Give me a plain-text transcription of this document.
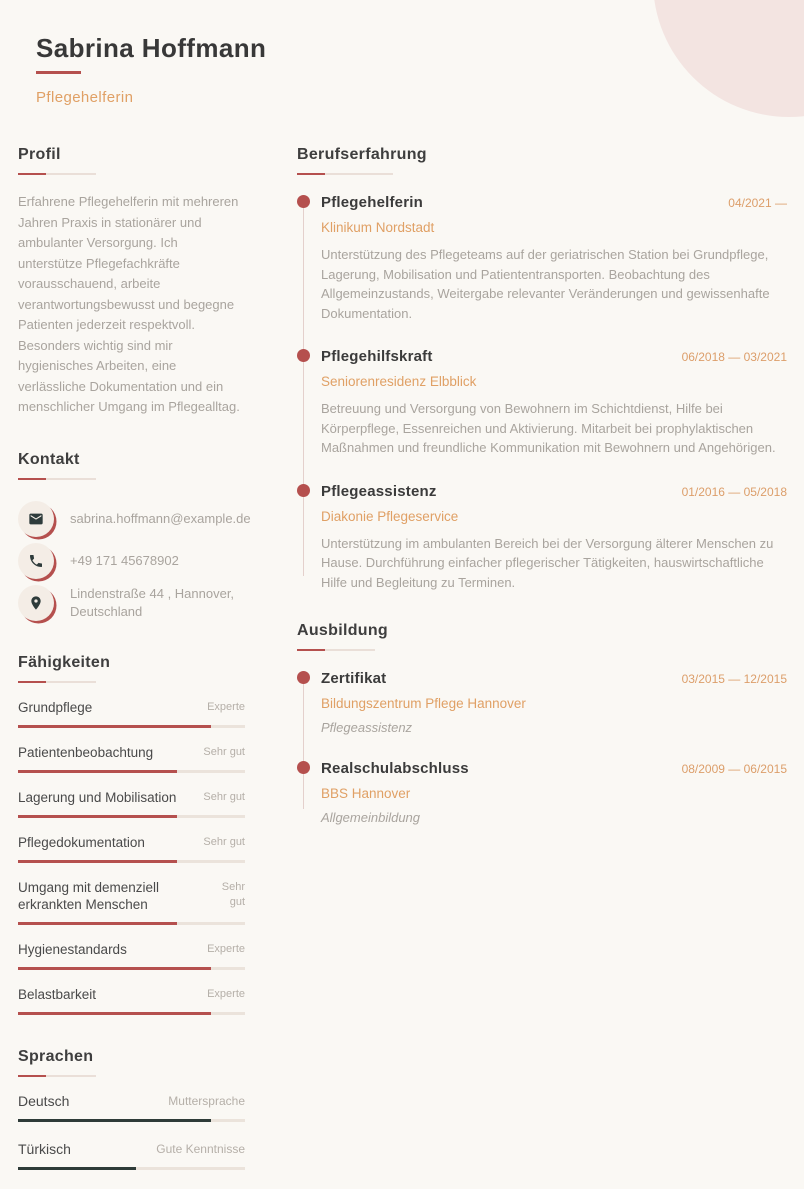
Sabrina Hoffmann
Pflegehelferin
Profil

Erfahrene Pflegehelferin mit mehreren Jahren Praxis in stationärer und ambulanter Versorgung. Ich unterstütze Pflegefachkräfte vorausschauend, arbeite verantwortungsbewusst und begegne Patienten jederzeit respektvoll. Besonders wichtig sind mir hygienisches Arbeiten, eine verlässliche Dokumentation und ein menschlicher Umgang im Pflegealltag.

Kontakt
sabrina.hoffmann@example.de
+49 171 45678902
Lindenstraße 44 , Hannover, Deutschland
Fähigkeiten
Grundpflege	Experte
Patientenbeobachtung	Sehr gut
Lagerung und Mobilisation Sehr gut
Pflegedokumentation	Sehr gut
Umgang mit demenziell erkrankten Menschen
Sehr gut
Hygienestandards	Experte
Belastbarkeit	Experte
Sprachen
Deutsch	Muttersprache
Türkisch	Gute Kenntnisse
Berufserfahrung
Pflegehelferin	04/2021 —
Klinikum Nordstadt

Unterstützung des Pflegeteams auf der geriatrischen Station bei Grundpflege, Lagerung, Mobilisation und Patiententransporten. Beobachtung des Allgemeinzustands, Weitergabe relevanter Veränderungen und gewissenhafte Dokumentation.

Pflegehilfskraft	06/2018 — 03/2021
Seniorenresidenz Elbblick

Betreuung und Versorgung von Bewohnern im Schichtdienst, Hilfe bei Körperpflege, Essenreichen und Aktivierung. Mitarbeit bei prophylaktischen Maßnahmen und freundliche Kommunikation mit Bewohnern und Angehörigen.

Pflegeassistenz	01/2016 — 05/2018
Diakonie Pflegeservice

Unterstützung im ambulanten Bereich bei der Versorgung älterer Menschen zu Hause. Durchführung einfacher pflegerischer Tätigkeiten, hauswirtschaftliche Hilfe und Begleitung zu Terminen.

Ausbildung
Zertifikat	03/2015 — 12/2015
Bildungszentrum Pflege Hannover
Pflegeassistenz
Realschulabschluss	08/2009 — 06/2015
BBS Hannover
Allgemeinbildung
